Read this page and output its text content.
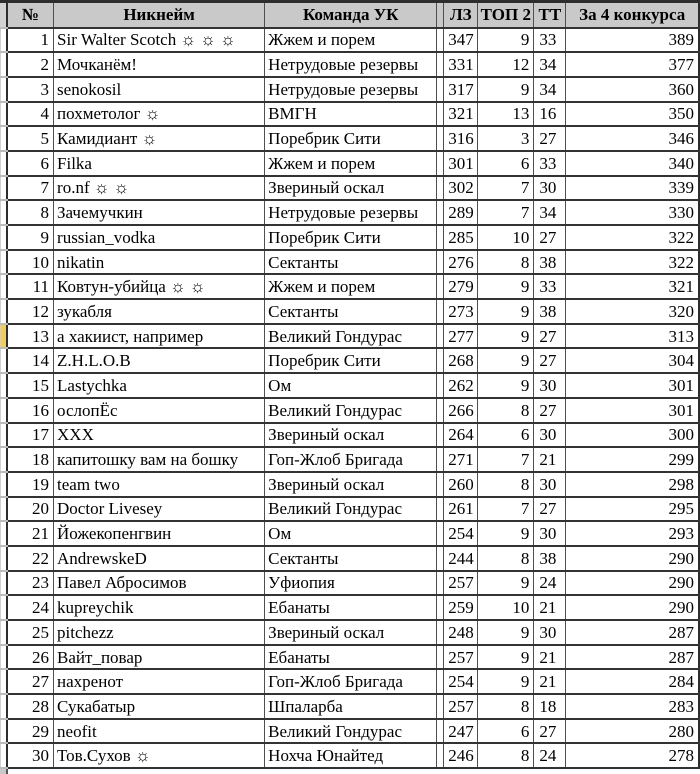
	№	Никнейм	Команда УК		ЛЗ	ТОП 2	ТТ	За 4 конкурса
	1	Sir Walter Scotch ☼ ☼ ☼	Жжем и порем		347	9	33	389
	2	Мочканём!	Нетрудовые резервы		331	12	34	377
	3	senokosil	Нетрудовые резервы		317	9	34	360
	4	похметолог ☼	ВМГН		321	13	16	350
	5	Камидиант ☼	Поребрик Сити		316	3	27	346
	6	Filka	Жжем и порем		301	6	33	340
	7	ro.nf ☼ ☼	Звериный оскал		302	7	30	339
	8	Зачемучкин	Нетрудовые резервы		289	7	34	330
	9	russian_vodka	Поребрик Сити		285	10	27	322
	10	nikatin	Сектанты		276	8	38	322
	11	Ковтун-убийца ☼ ☼	Жжем и порем		279	9	33	321
	12	зукабля	Сектанты		273	9	38	320
	13	а хакиист, например	Великий Гондурас		277	9	27	313
	14	Z.H.L.O.B	Поребрик Сити		268	9	27	304
	15	Lastychka	Ом		262	9	30	301
	16	ослопЁс	Великий Гондурас		266	8	27	301
	17	XXX	Звериный оскал		264	6	30	300
	18	капитошку вам на бошку	Гоп-Жлоб Бригада		271	7	21	299
	19	team two	Звериный оскал		260	8	30	298
	20	Doctor Livesey	Великий Гондурас		261	7	27	295
	21	Йожекопенгвин	Ом		254	9	30	293
	22	AndrewskeD	Сектанты		244	8	38	290
	23	Павел Абросимов	Уфиопия		257	9	24	290
	24	kupreychik	Ебанаты		259	10	21	290
	25	pitchezz	Звериный оскал		248	9	30	287
	26	Вайт_повар	Ебанаты		257	9	21	287
	27	нахренот	Гоп-Жлоб Бригада		254	9	21	284
	28	Сукабатыр	Шпаларба		257	8	18	283
	29	neofit	Великий Гондурас		247	6	27	280
	30	Тов.Сухов ☼	Нохча Юнайтед		246	8	24	278
